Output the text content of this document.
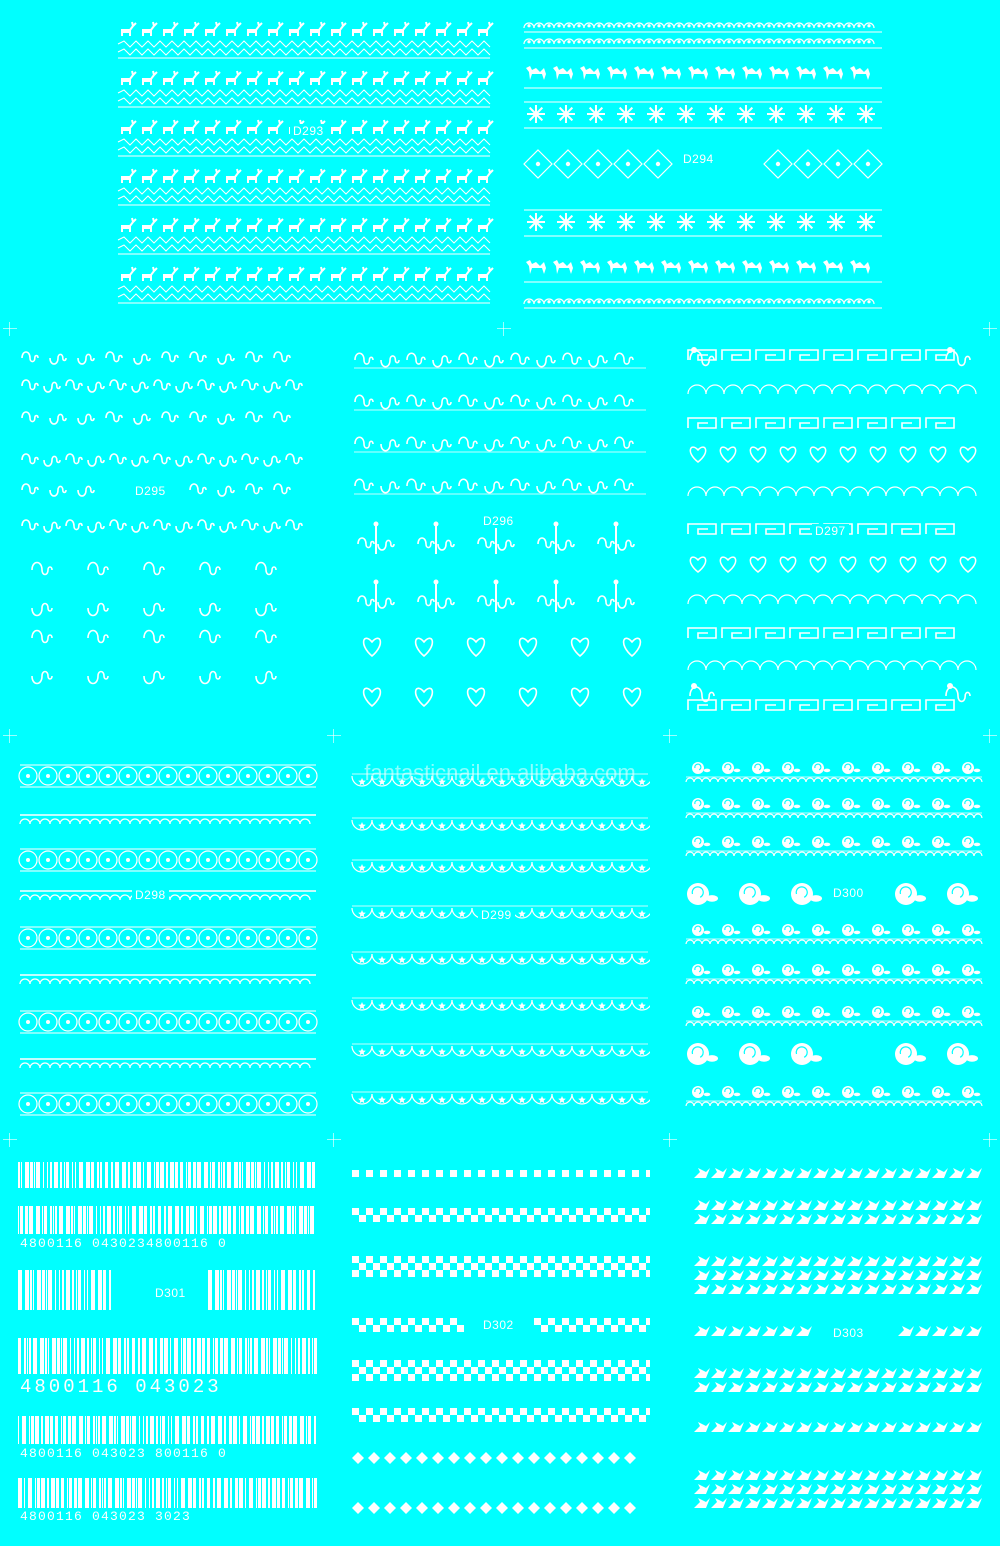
D293
D294
D295
D296
D297
D298
D299
D300
D301
4800116 0430234800116 0
4800116 043023
4800116 043023 800116 0
4800116 043023 3023
D302
D303
fantasticnail.en.alibaba.com
